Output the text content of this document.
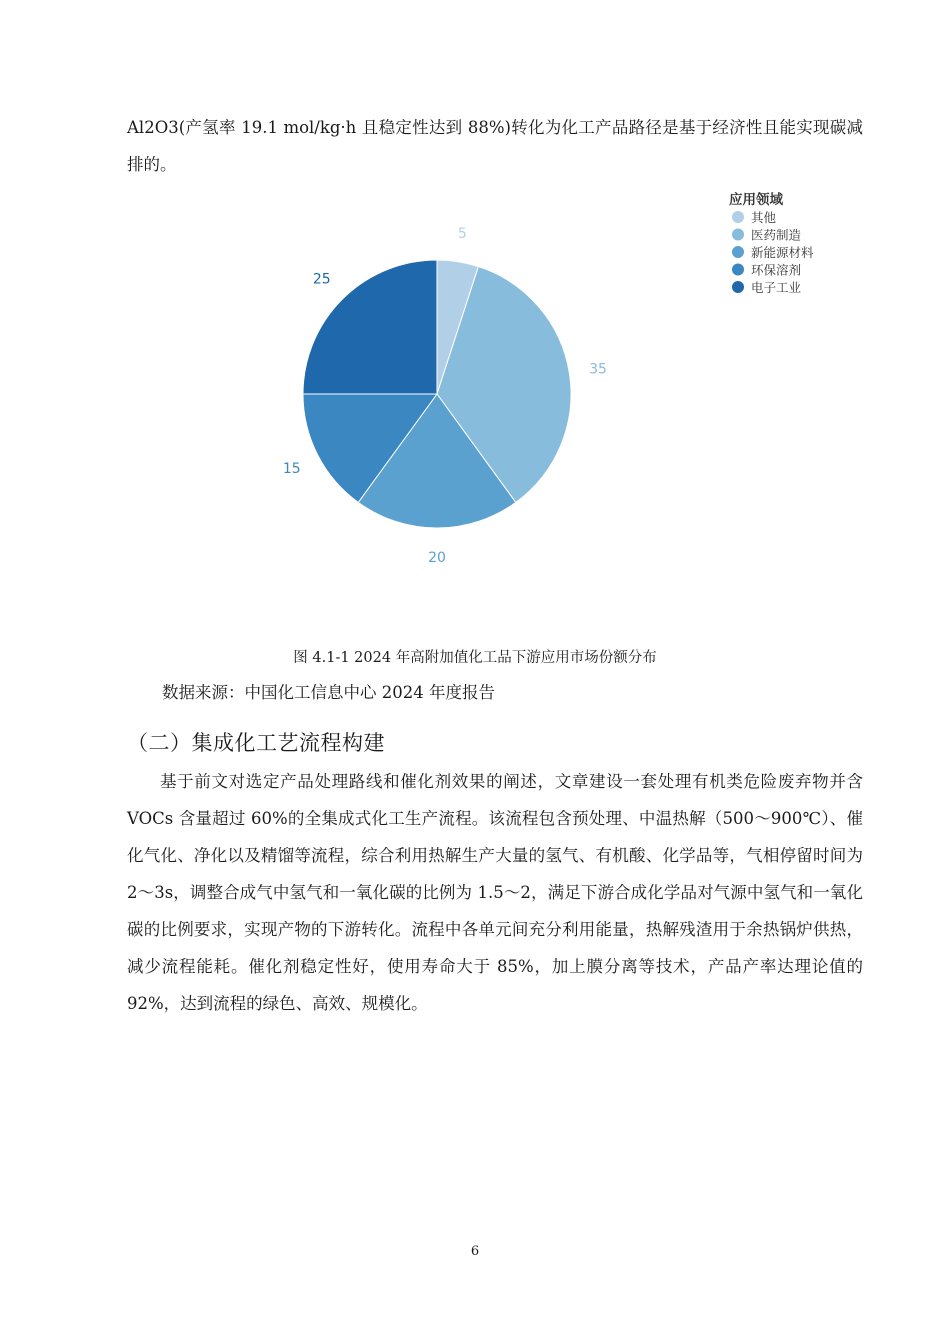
Al2O3(产氢率 19.1 mol/kg·h 且稳定性达到 88%)转化为化工产品路径是基于经济性且能实现碳减排的。

5
35
20
15
25
应用领域
其他
医药制造
新能源材料
环保溶剂
电子工业

图 4.1-1 2024 年高附加值化工品下游应用市场份额分布

数据来源：中国化工信息中心 2024 年度报告

（二）集成化工艺流程构建

基于前文对选定产品处理路线和催化剂效果的阐述，文章建设一套处理有机类危险废弃物并含 VOCs 含量超过 60%的全集成式化工生产流程。该流程包含预处理、中温热解（500～900℃）、催化气化、净化以及精馏等流程，综合利用热解生产大量的氢气、有机酸、化学品等，气相停留时间为 2～3s，调整合成气中氢气和一氧化碳的比例为 1.5～2，满足下游合成化学品对气源中氢气和一氧化碳的比例要求，实现产物的下游转化。流程中各单元间充分利用能量，热解残渣用于余热锅炉供热，减少流程能耗。催化剂稳定性好，使用寿命大于 85%，加上膜分离等技术，产品产率达理论值的 92%，达到流程的绿色、高效、规模化。

6
